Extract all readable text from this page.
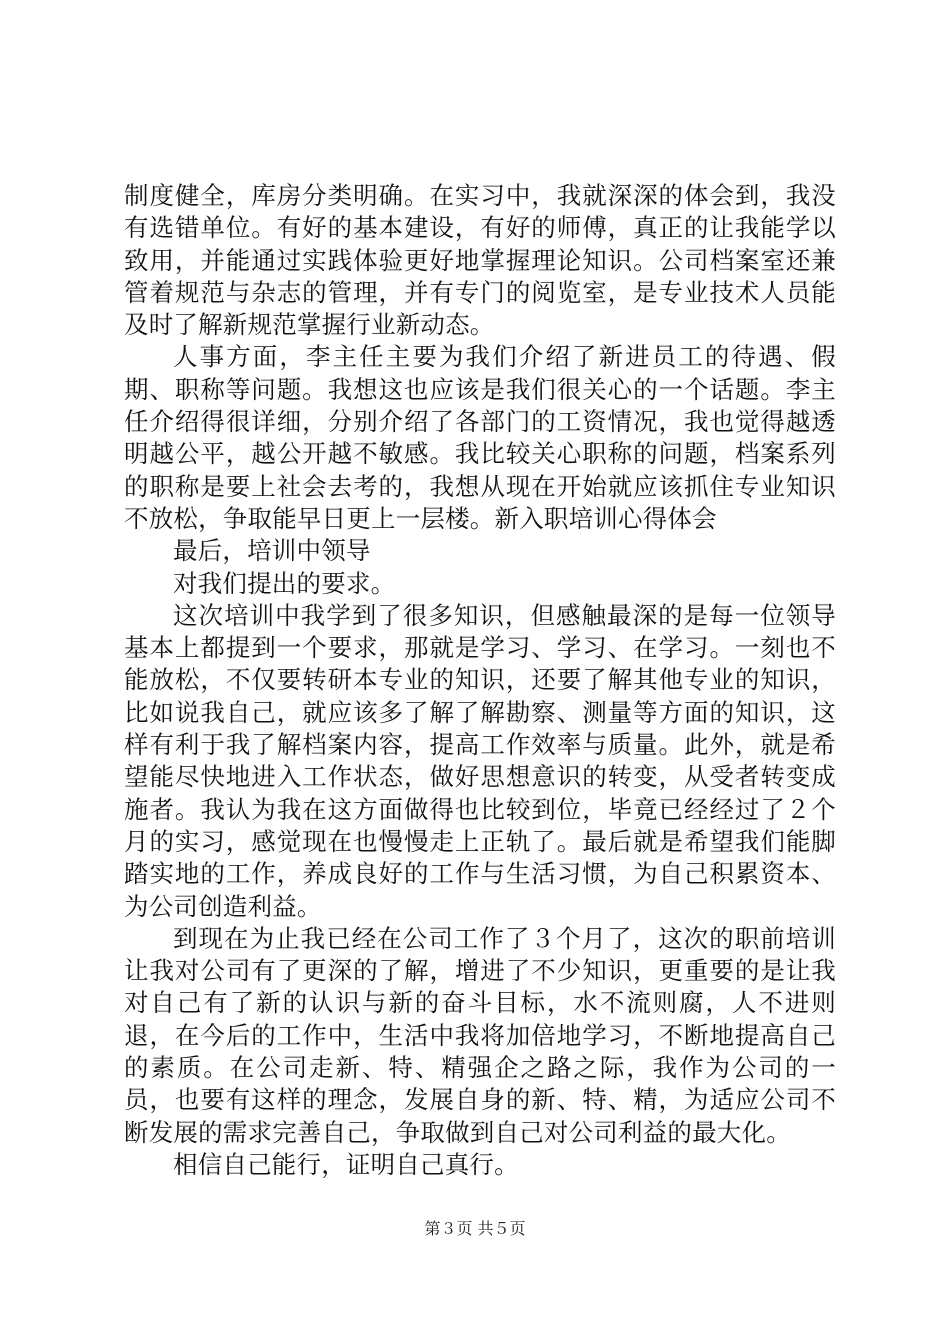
制度健全，库房分类明确。在实习中，我就深深的体会到，我没有选错单位。有好的基本建设，有好的师傅，真正的让我能学以致用，并能通过实践体验更好地掌握理论知识。公司档案室还兼管着规范与杂志的管理，并有专门的阅览室，是专业技术人员能及时了解新规范掌握行业新动态。

人事方面，李主任主要为我们介绍了新进员工的待遇、假期、职称等问题。我想这也应该是我们很关心的一个话题。李主任介绍得很详细，分别介绍了各部门的工资情况，我也觉得越透明越公平，越公开越不敏感。我比较关心职称的问题，档案系列的职称是要上社会去考的，我想从现在开始就应该抓住专业知识不放松，争取能早日更上一层楼。新入职培训心得体会

最后，培训中领导

对我们提出的要求。

这次培训中我学到了很多知识，但感触最深的是每一位领导基本上都提到一个要求，那就是学习、学习、在学习。一刻也不能放松，不仅要转研本专业的知识，还要了解其他专业的知识，比如说我自己，就应该多了解了解勘察、测量等方面的知识，这样有利于我了解档案内容，提高工作效率与质量。此外，就是希望能尽快地进入工作状态，做好思想意识的转变，从受者转变成施者。我认为我在这方面做得也比较到位，毕竟已经经过了２个月的实习，感觉现在也慢慢走上正轨了。最后就是希望我们能脚踏实地的工作，养成良好的工作与生活习惯，为自己积累资本、为公司创造利益。

到现在为止我已经在公司工作了３个月了，这次的职前培训让我对公司有了更深的了解，增进了不少知识，更重要的是让我对自己有了新的认识与新的奋斗目标，水不流则腐，人不进则退，在今后的工作中，生活中我将加倍地学习，不断地提高自己的素质。在公司走新、特、精强企之路之际，我作为公司的一员，也要有这样的理念，发展自身的新、特、精，为适应公司不断发展的需求完善自己，争取做到自己对公司利益的最大化。

相信自己能行，证明自己真行。

第３页 共５页
